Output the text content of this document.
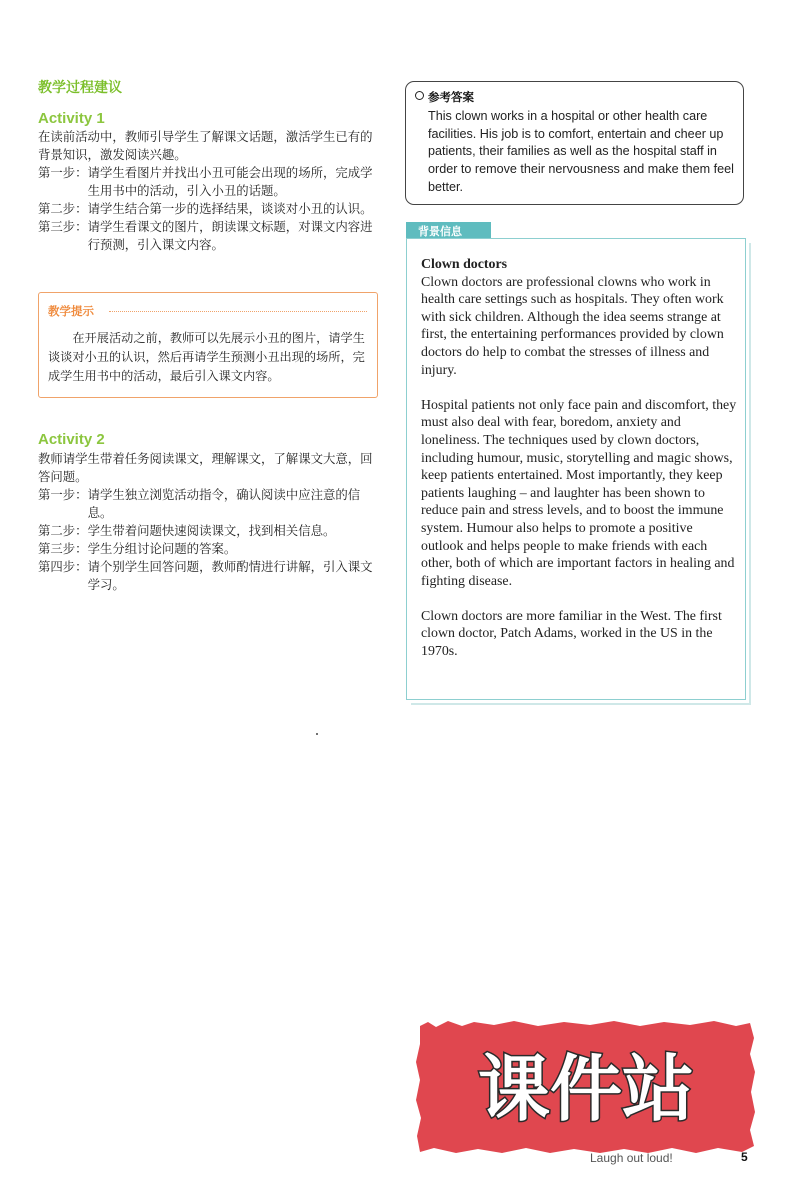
教学过程建议
Activity 1
在读前活动中，教师引导学生了解课文话题，激活学生已有的背景知识，激发阅读兴趣。
第一步： 请学生看图片并找出小丑可能会出现的场所，完成学生用书中的活动，引入小丑的话题。
第二步： 请学生结合第一步的选择结果，谈谈对小丑的认识。
第三步： 请学生看课文的图片，朗读课文标题，对课文内容进行预测，引入课文内容。
教学提示
在开展活动之前，教师可以先展示小丑的图片，请学生谈谈对小丑的认识，然后再请学生预测小丑出现的场所，完成学生用书中的活动，最后引入课文内容。
Activity 2
教师请学生带着任务阅读课文，理解课文，了解课文大意，回答问题。
第一步： 请学生独立浏览活动指令，确认阅读中应注意的信息。
第二步： 学生带着问题快速阅读课文，找到相关信息。
第三步： 学生分组讨论问题的答案。
第四步： 请个别学生回答问题，教师酌情进行讲解，引入课文学习。
参考答案
This clown works in a hospital or other health care facilities. His job is to comfort, entertain and cheer up patients, their families as well as the hospital staff in order to remove their nervousness and make them feel better.
背景信息
Clown doctors

Clown doctors are professional clowns who work in health care settings such as hospitals. They often work with sick children. Although the idea seems strange at first, the entertaining performances provided by clown doctors do help to combat the stresses of illness and injury.

Hospital patients not only face pain and discomfort, they must also deal with fear, boredom, anxiety and loneliness. The techniques used by clown doctors, including humour, music, storytelling and magic shows, keep patients entertained. Most importantly, they keep patients laughing – and laughter has been shown to reduce pain and stress levels, and to boost the immune system. Humour also helps to promote a positive outlook and helps people to make friends with each other, both of which are important factors in healing and fighting disease.

Clown doctors are more familiar in the West. The first clown doctor, Patch Adams, worked in the US in the 1970s.

课件站
Laugh out loud!	5
